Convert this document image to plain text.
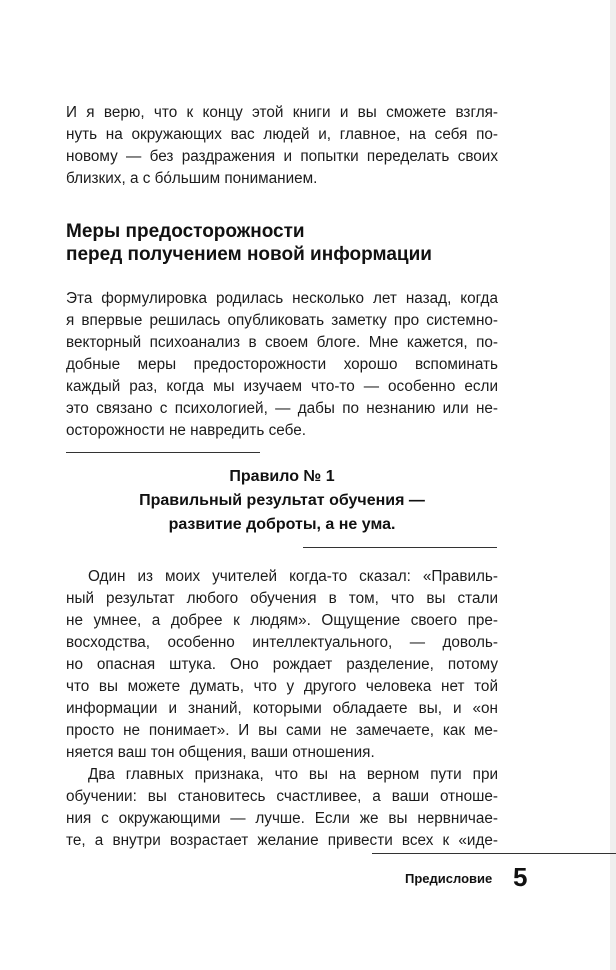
И я верю, что к концу этой книги и вы сможете взгля-
нуть на окружающих вас людей и, главное, на себя по-
новому — без раздражения и попытки переделать своих
близких, а с бо́льшим пониманием.
Меры предосторожности
перед получением новой информации
Эта формулировка родилась несколько лет назад, когда
я впервые решилась опубликовать заметку про системно-
векторный психоанализ в своем блоге. Мне кажется, по-
добные меры предосторожности хорошо вспоминать
каждый раз, когда мы изучаем что-то — особенно если
это связано с психологией, — дабы по незнанию или не-
осторожности не навредить себе.
Правило № 1
Правильный результат обучения —
развитие доброты, а не ума.
Один из моих учителей когда-то сказал: «Правиль-
ный результат любого обучения в том, что вы стали
не умнее, а добрее к людям». Ощущение своего пре-
восходства, особенно интеллектуального, — доволь-
но опасная штука. Оно рождает разделение, потому
что вы можете думать, что у другого человека нет той
информации и знаний, которыми обладаете вы, и «он
просто не понимает». И вы сами не замечаете, как ме-
няется ваш тон общения, ваши отношения.
Два главных признака, что вы на верном пути при
обучении: вы становитесь счастливее, а ваши отноше-
ния с окружающими — лучше. Если же вы нервничае-
те, а внутри возрастает желание привести всех к «иде-
Предисловие 5
